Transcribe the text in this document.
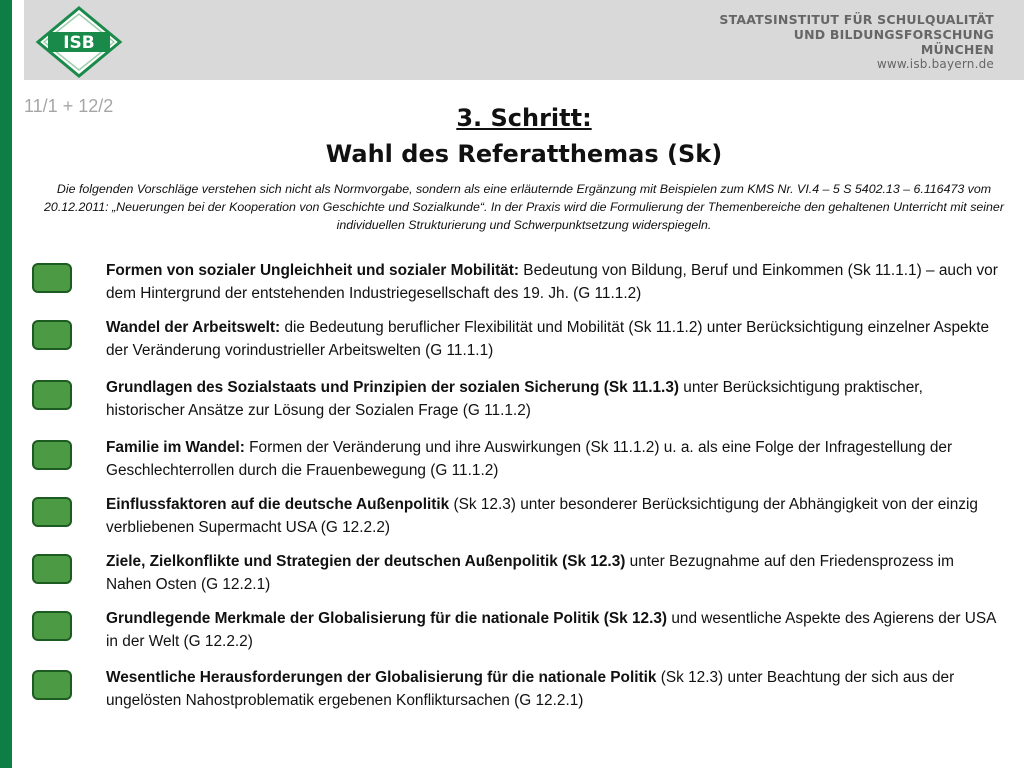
ISB
STAATSINSTITUT FÜR SCHULQUALITÄT
UND BILDUNGSFORSCHUNG
MÜNCHEN
www.isb.bayern.de
11/1 + 12/2	3. Schritt:
Wahl des Referatthemas (Sk)
Die folgenden Vorschläge verstehen sich nicht als Normvorgabe, sondern als eine erläuternde Ergänzung mit Beispielen zum KMS Nr. VI.4 – 5 S 5402.13 – 6.116473 vom 20.12.2011: „Neuerungen bei der Kooperation von Geschichte und Sozialkunde“. In der Praxis wird die Formulierung der Themenbereiche den gehaltenen Unterricht mit seiner individuellen Strukturierung und Schwerpunktsetzung widerspiegeln.
Formen von sozialer Ungleichheit und sozialer Mobilität: Bedeutung von Bildung, Beruf und Einkommen (Sk 11.1.1) – auch vor dem Hintergrund der entstehenden Industriegesellschaft des 19. Jh. (G 11.1.2)
Wandel der Arbeitswelt: die Bedeutung beruflicher Flexibilität und Mobilität (Sk 11.1.2) unter Berücksichtigung einzelner Aspekte der Veränderung vorindustrieller Arbeitswelten (G 11.1.1)
Grundlagen des Sozialstaats und Prinzipien der sozialen Sicherung (Sk 11.1.3) unter Berücksichtigung praktischer, historischer Ansätze zur Lösung der Sozialen Frage (G 11.1.2)
Familie im Wandel: Formen der Veränderung und ihre Auswirkungen (Sk 11.1.2) u. a. als eine Folge der Infragestellung der Geschlechterrollen durch die Frauenbewegung (G 11.1.2)
Einflussfaktoren auf die deutsche Außenpolitik (Sk 12.3) unter besonderer Berücksichtigung der Abhängigkeit von der einzig verbliebenen Supermacht USA (G 12.2.2)
Ziele, Zielkonflikte und Strategien der deutschen Außenpolitik (Sk 12.3) unter Bezugnahme auf den Friedensprozess im Nahen Osten (G 12.2.1)
Grundlegende Merkmale der Globalisierung für die nationale Politik (Sk 12.3) und wesentliche Aspekte des Agierens der USA in der Welt (G 12.2.2)
Wesentliche Herausforderungen der Globalisierung für die nationale Politik (Sk 12.3) unter Beachtung der sich aus der ungelösten Nahostproblematik ergebenen Konfliktursachen (G 12.2.1)
